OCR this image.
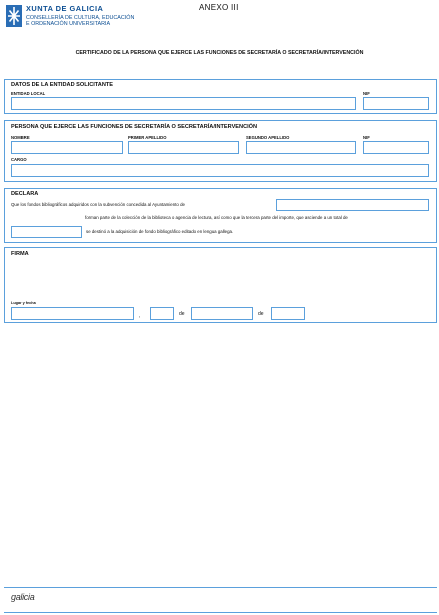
XUNTA DE GALICIA
CONSELLERÍA DE CULTURA, EDUCACIÓN
E ORDENACIÓN UNIVERSITARIA
ANEXO III
CERTIFICADO DE LA PERSONA QUE EJERCE LAS FUNCIONES DE SECRETARÍA O SECRETARÍA/INTERVENCIÓN
DATOS DE LA ENTIDAD SOLICITANTE
ENTIDAD LOCAL	NIF
PERSONA QUE EJERCE LAS FUNCIONES DE SECRETARÍA O SECRETARÍA/INTERVENCIÓN
NOMBRE	PRIMER APELLIDO	SEGUNDO APELLIDO	NIF
CARGO
DECLARA
Que los fondos bibliográficos adquiridos con la subvención concedida al Ayuntamiento de
forman parte de la colección de la biblioteca o agencia de lectura, así como que la tercera parte del importe, que asciende a un total de
se destinó a la adquisición de fondo bibliográfico editado en lengua gallega.
FIRMA
Lugar y fecha
,	de	de
galicia
